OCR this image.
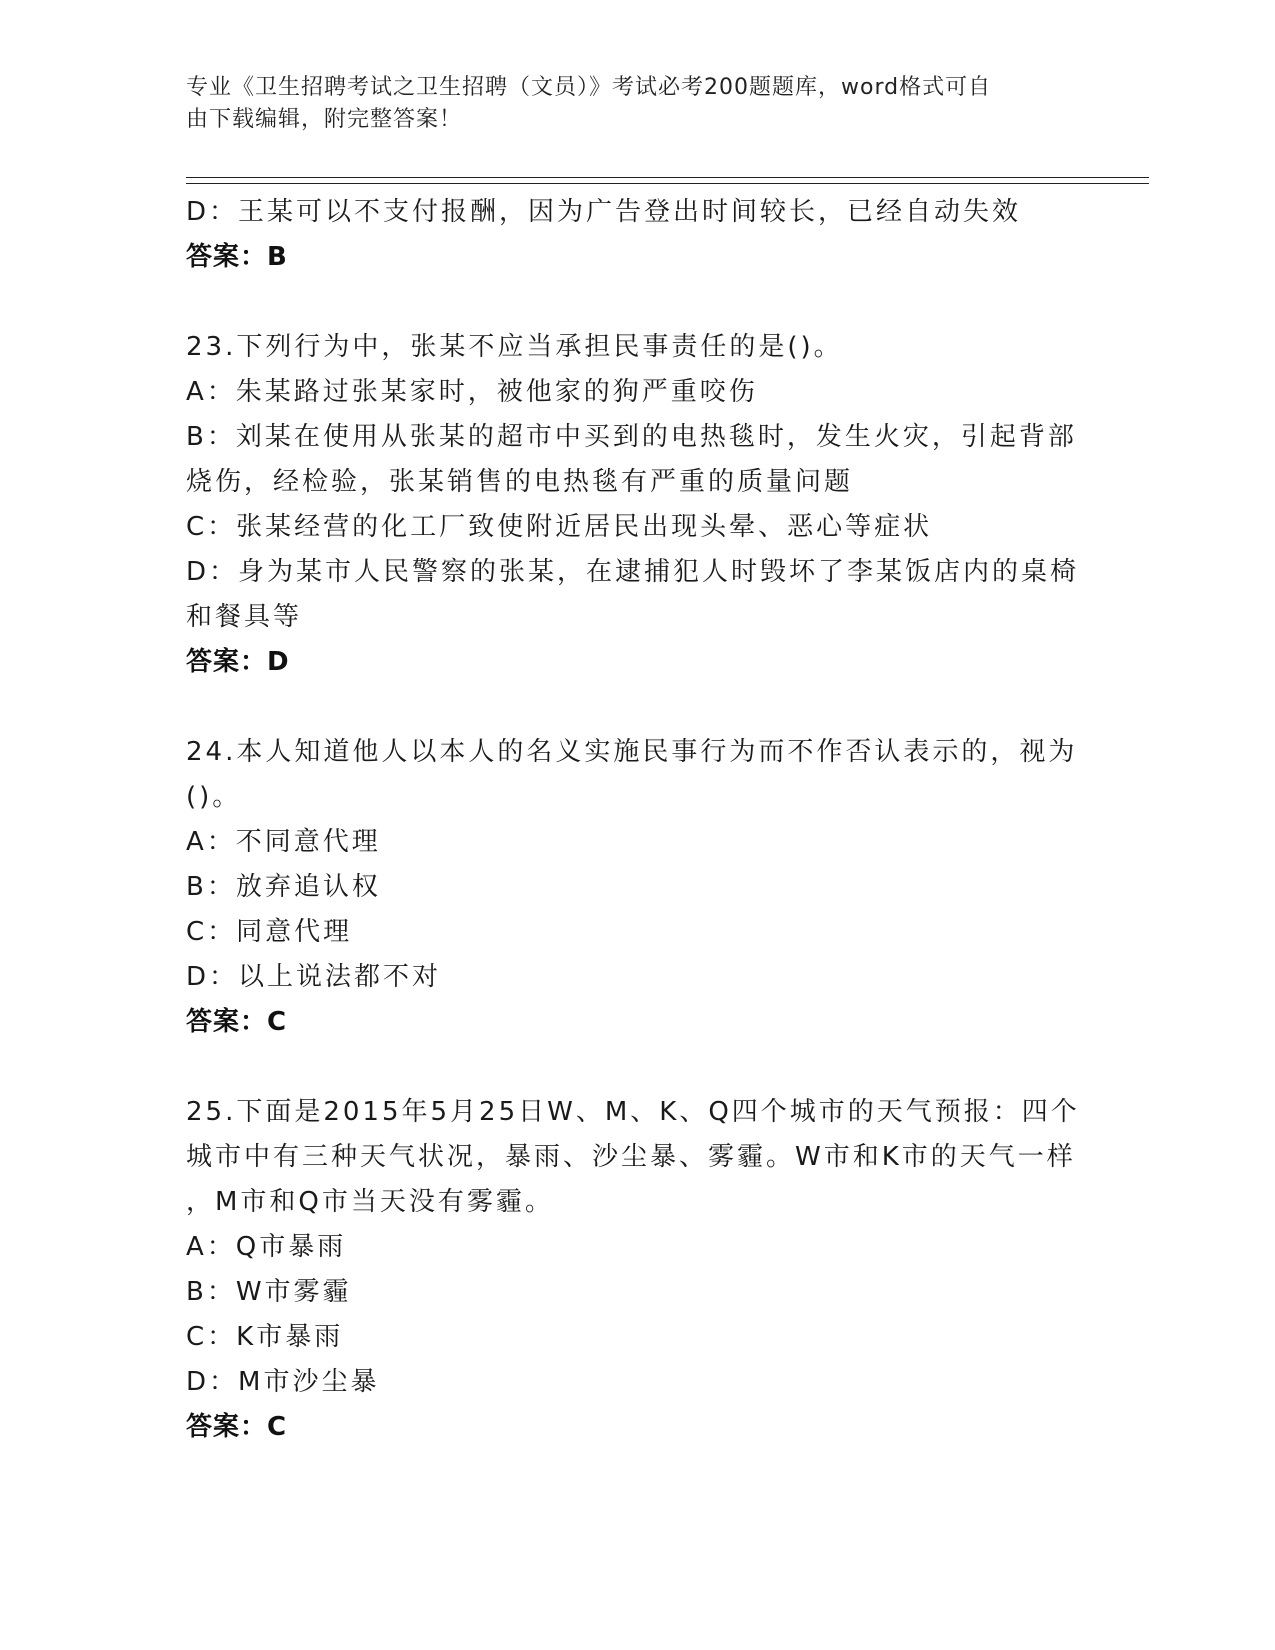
专业《卫生招聘考试之卫生招聘（文员）》考试必考200题题库，word格式可自
由下载编辑，附完整答案！
D：王某可以不支付报酬，因为广告登出时间较长，已经自动失效
答案：B
23.下列行为中，张某不应当承担民事责任的是()。
A：朱某路过张某家时，被他家的狗严重咬伤
B：刘某在使用从张某的超市中买到的电热毯时，发生火灾，引起背部
烧伤，经检验，张某销售的电热毯有严重的质量问题
C：张某经营的化工厂致使附近居民出现头晕、恶心等症状
D：身为某市人民警察的张某，在逮捕犯人时毁坏了李某饭店内的桌椅
和餐具等
答案：D
24.本人知道他人以本人的名义实施民事行为而不作否认表示的，视为
()。
A：不同意代理
B：放弃追认权
C：同意代理
D：以上说法都不对
答案：C
25.下面是2015年5月25日W、M、K、Q四个城市的天气预报：四个
城市中有三种天气状况，暴雨、沙尘暴、雾霾。W市和K市的天气一样
，M市和Q市当天没有雾霾。
A：Q市暴雨
B：W市雾霾
C：K市暴雨
D：M市沙尘暴
答案：C
